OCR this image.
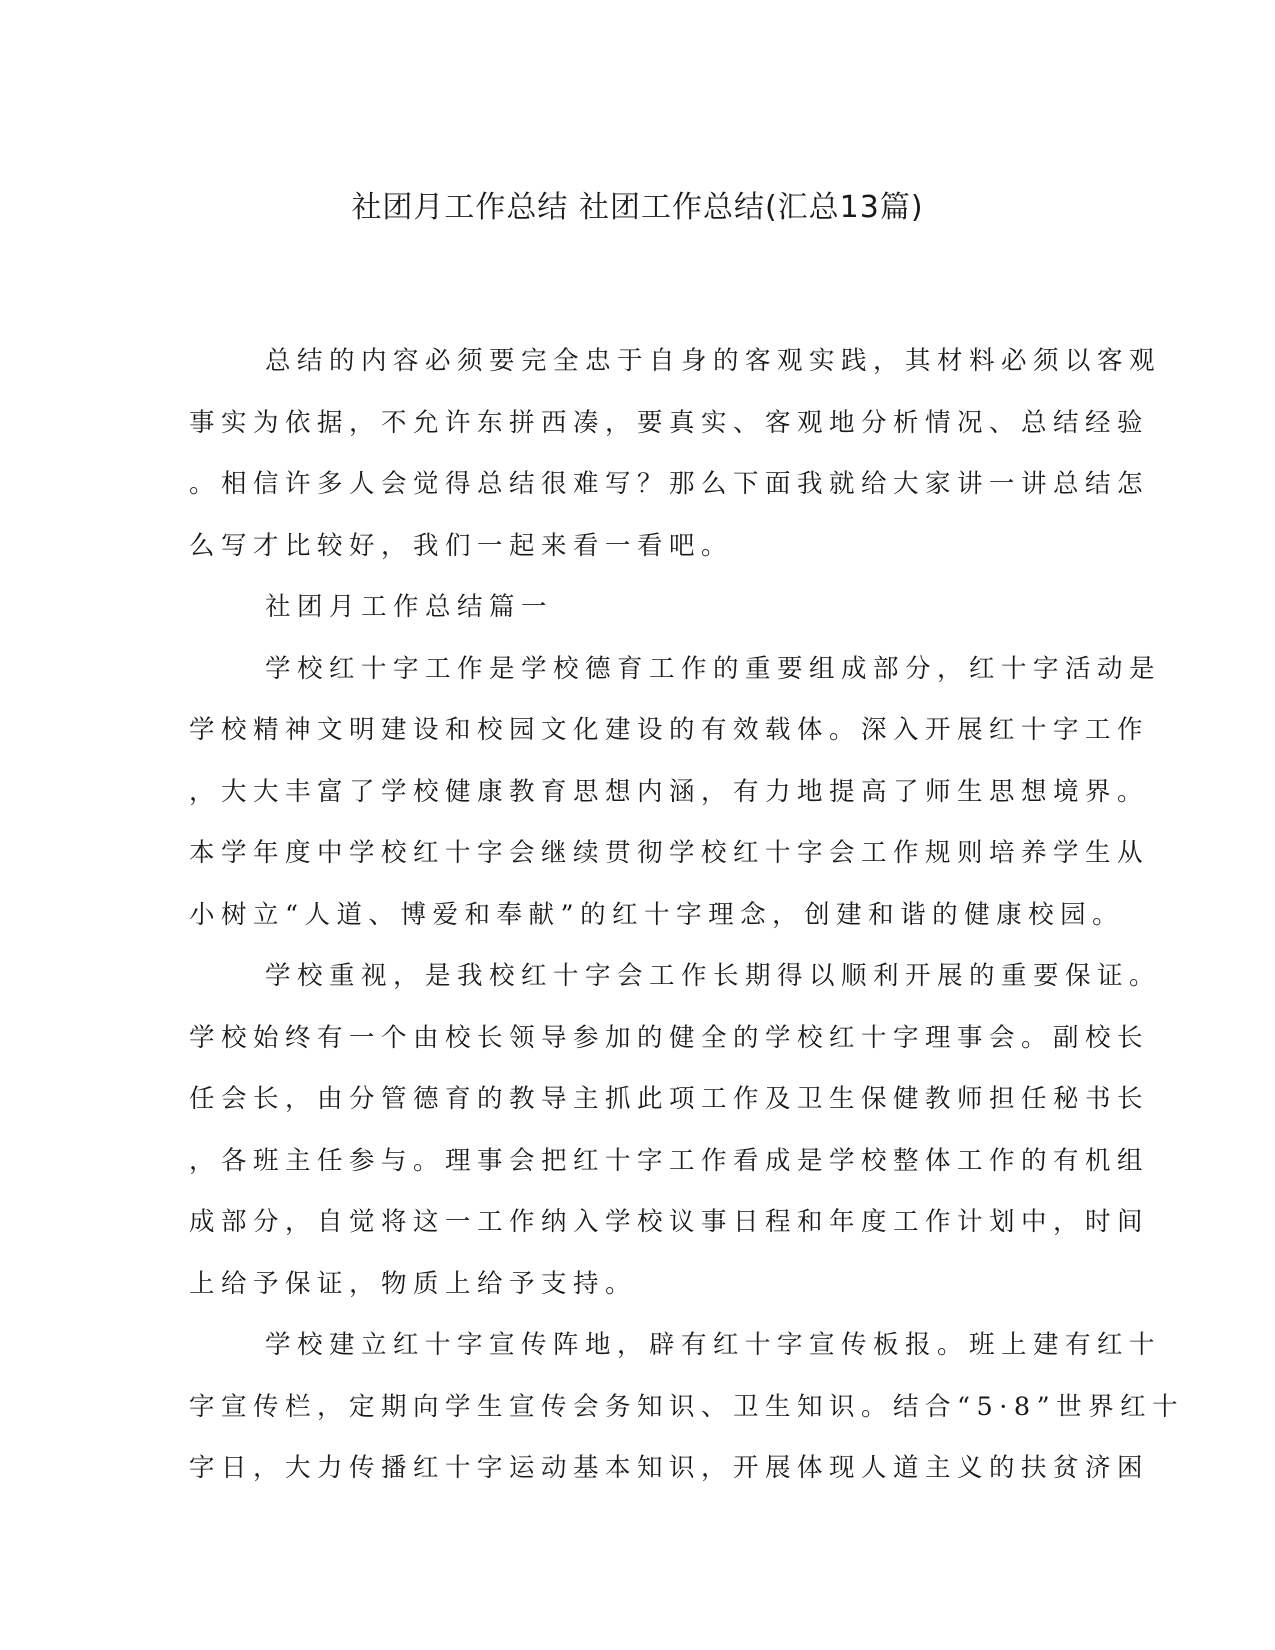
社团月工作总结 社团工作总结(汇总13篇)
总结的内容必须要完全忠于自身的客观实践，其材料必须以客观
事实为依据，不允许东拼西凑，要真实、客观地分析情况、总结经验
。相信许多人会觉得总结很难写？那么下面我就给大家讲一讲总结怎
么写才比较好，我们一起来看一看吧。
社团月工作总结篇一
学校红十字工作是学校德育工作的重要组成部分，红十字活动是
学校精神文明建设和校园文化建设的有效载体。深入开展红十字工作
，大大丰富了学校健康教育思想内涵，有力地提高了师生思想境界。
本学年度中学校红十字会继续贯彻学校红十字会工作规则培养学生从
小树立“人道、博爱和奉献”的红十字理念，创建和谐的健康校园。
学校重视，是我校红十字会工作长期得以顺利开展的重要保证。
学校始终有一个由校长领导参加的健全的学校红十字理事会。副校长
任会长，由分管德育的教导主抓此项工作及卫生保健教师担任秘书长
，各班主任参与。理事会把红十字工作看成是学校整体工作的有机组
成部分，自觉将这一工作纳入学校议事日程和年度工作计划中，时间
上给予保证，物质上给予支持。
学校建立红十字宣传阵地，辟有红十字宣传板报。班上建有红十
字宣传栏，定期向学生宣传会务知识、卫生知识。结合“5·8”世界红十
字日，大力传播红十字运动基本知识，开展体现人道主义的扶贫济困
